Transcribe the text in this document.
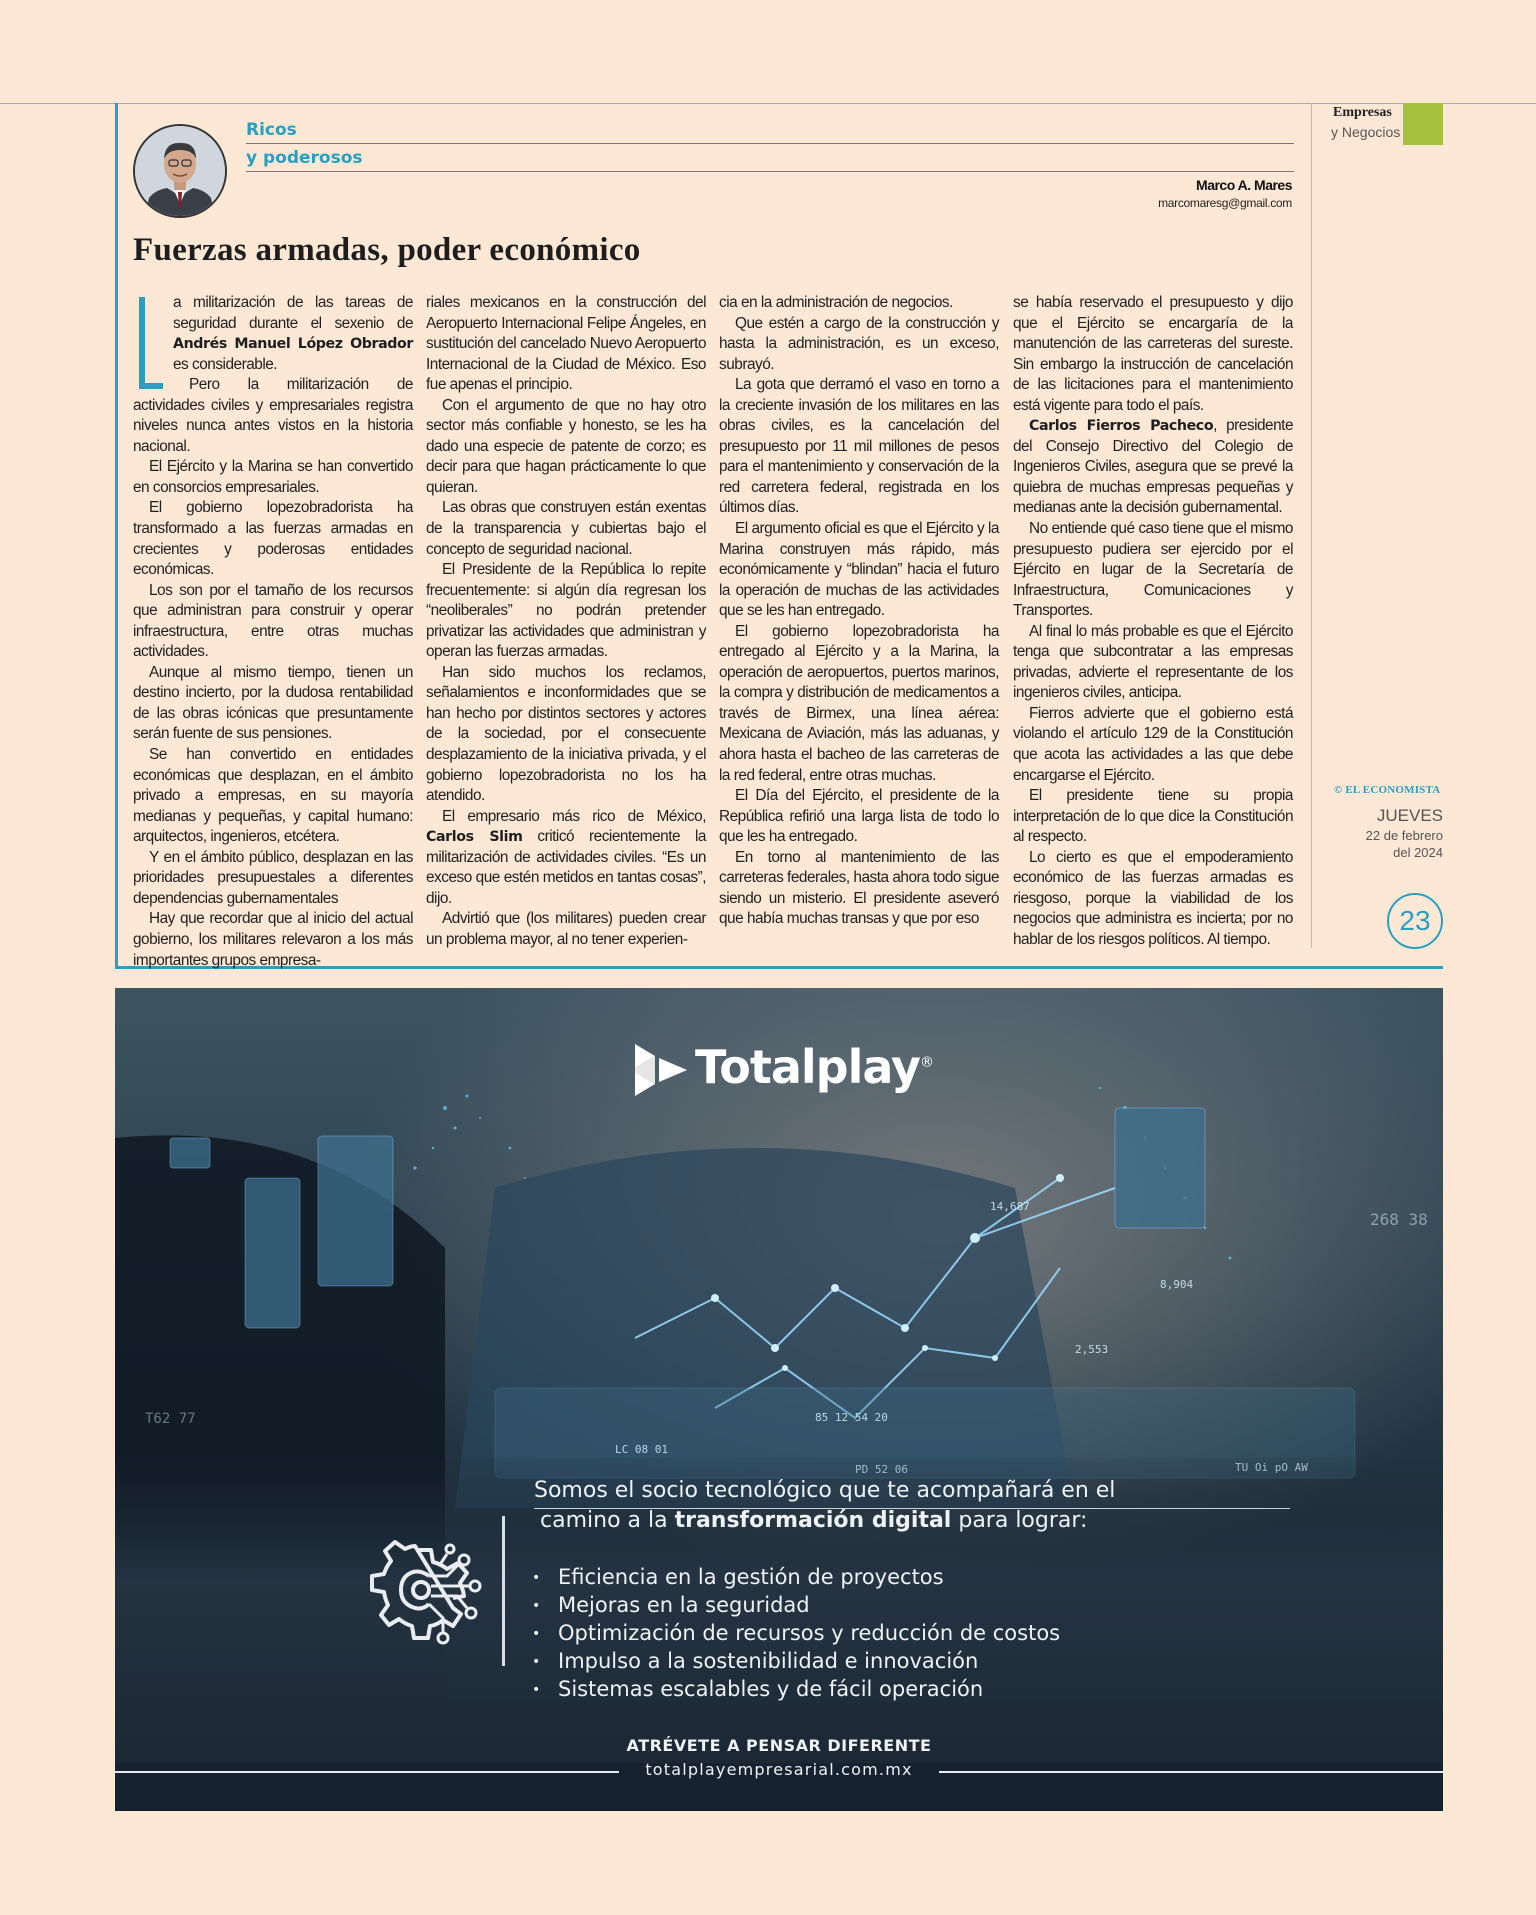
Empresas
y Negocios
Ricos
y poderosos
Marco A. Mares
marcomaresg@gmail.com
Fuerzas armadas, poder económico

a militarización de las tareas de seguridad durante el sexenio de Andrés Manuel López Obrador es considerable.

Pero la militarización de actividades civiles y empresariales registra niveles nunca antes vistos en la historia nacional.

El Ejército y la Marina se han convertido en consorcios empresariales.

El gobierno lopezobradorista ha transformado a las fuerzas armadas en crecientes y poderosas entidades económicas.

Los son por el tamaño de los recursos que administran para construir y operar infraestructura, entre otras muchas actividades.

Aunque al mismo tiempo, tienen un destino incierto, por la dudosa rentabilidad de las obras icónicas que presuntamente serán fuente de sus pensiones.

Se han convertido en entidades económicas que desplazan, en el ámbito privado a empresas, en su mayoría medianas y pequeñas, y capital humano: arquitectos, ingenieros, etcétera.

Y en el ámbito público, desplazan en las prioridades presupuestales a diferentes dependencias gubernamentales

Hay que recordar que al inicio del actual gobierno, los militares relevaron a los más importantes grupos empresa-

riales mexicanos en la construcción del Aeropuerto Internacional Felipe Ángeles, en sustitución del cancelado Nuevo Aeropuerto Internacional de la Ciudad de México. Eso fue apenas el principio.

Con el argumento de que no hay otro sector más confiable y honesto, se les ha dado una especie de patente de corzo; es decir para que hagan prácticamente lo que quieran.

Las obras que construyen están exentas de la transparencia y cubiertas bajo el concepto de seguridad nacional.

El Presidente de la República lo repite frecuentemente: si algún día regresan los “neoliberales” no podrán pretender privatizar las actividades que administran y operan las fuerzas armadas.

Han sido muchos los reclamos, señalamientos e inconformidades que se han hecho por distintos sectores y actores de la sociedad, por el consecuente desplazamiento de la iniciativa privada, y el gobierno lopezobradorista no los ha atendido.

El empresario más rico de México, Carlos Slim criticó recientemente la militarización de actividades civiles. “Es un exceso que estén metidos en tantas cosas”, dijo.

Advirtió que (los militares) pueden crear un problema mayor, al no tener experien-

cia en la administración de negocios.

Que estén a cargo de la construcción y hasta la administración, es un exceso, subrayó.

La gota que derramó el vaso en torno a la creciente invasión de los militares en las obras civiles, es la cancelación del presupuesto por 11 mil millones de pesos para el mantenimiento y conservación de la red carretera federal, registrada en los últimos días.

El argumento oficial es que el Ejército y la Marina construyen más rápido, más económicamente y “blindan” hacia el futuro la operación de muchas de las actividades que se les han entregado.

El gobierno lopezobradorista ha entregado al Ejército y a la Marina, la operación de aeropuertos, puertos marinos, la compra y distribución de medicamentos a través de Birmex, una línea aérea: Mexicana de Aviación, más las aduanas, y ahora hasta el bacheo de las carreteras de la red federal, entre otras muchas.

El Día del Ejército, el presidente de la República refirió una larga lista de todo lo que les ha entregado.

En torno al mantenimiento de las carreteras federales, hasta ahora todo sigue siendo un misterio. El presidente aseveró que había muchas transas y que por eso

se había reservado el presupuesto y dijo que el Ejército se encargaría de la manutención de las carreteras del sureste. Sin embargo la instrucción de cancelación de las licitaciones para el mantenimiento está vigente para todo el país.

Carlos Fierros Pacheco, presidente del Consejo Directivo del Colegio de Ingenieros Civiles, asegura que se prevé la quiebra de muchas empresas pequeñas y medianas ante la decisión gubernamental.

No entiende qué caso tiene que el mismo presupuesto pudiera ser ejercido por el Ejército en lugar de la Secretaría de Infraestructura, Comunicaciones y Transportes.

Al final lo más probable es que el Ejército tenga que subcontratar a las empresas privadas, advierte el representante de los ingenieros civiles, anticipa.

Fierros advierte que el gobierno está violando el artículo 129 de la Constitución que acota las actividades a las que debe encargarse el Ejército.

El presidente tiene su propia interpretación de lo que dice la Constitución al respecto.

Lo cierto es que el empoderamiento económico de las fuerzas armadas es riesgoso, porque la viabilidad de los negocios que administra es incierta; por no hablar de los riesgos políticos. Al tiempo.

© EL ECONOMISTA
JUEVES
22 de febrero
del 2024
23
14,687
8,904
2,553
268 38
T62 77	85 12 54 20
LC 08 01
Totalplay®
Somos el socio tecnológico que te acompañará en el
camino a la transformación digital para lograr:
• Eficiencia en la gestión de proyectos
• Mejoras en la seguridad
• Optimización de recursos y reducción de costos
• Impulso a la sostenibilidad e innovación
• Sistemas escalables y de fácil operación
ATRÉVETE A PENSAR DIFERENTE
totalplayempresarial.com.mx
